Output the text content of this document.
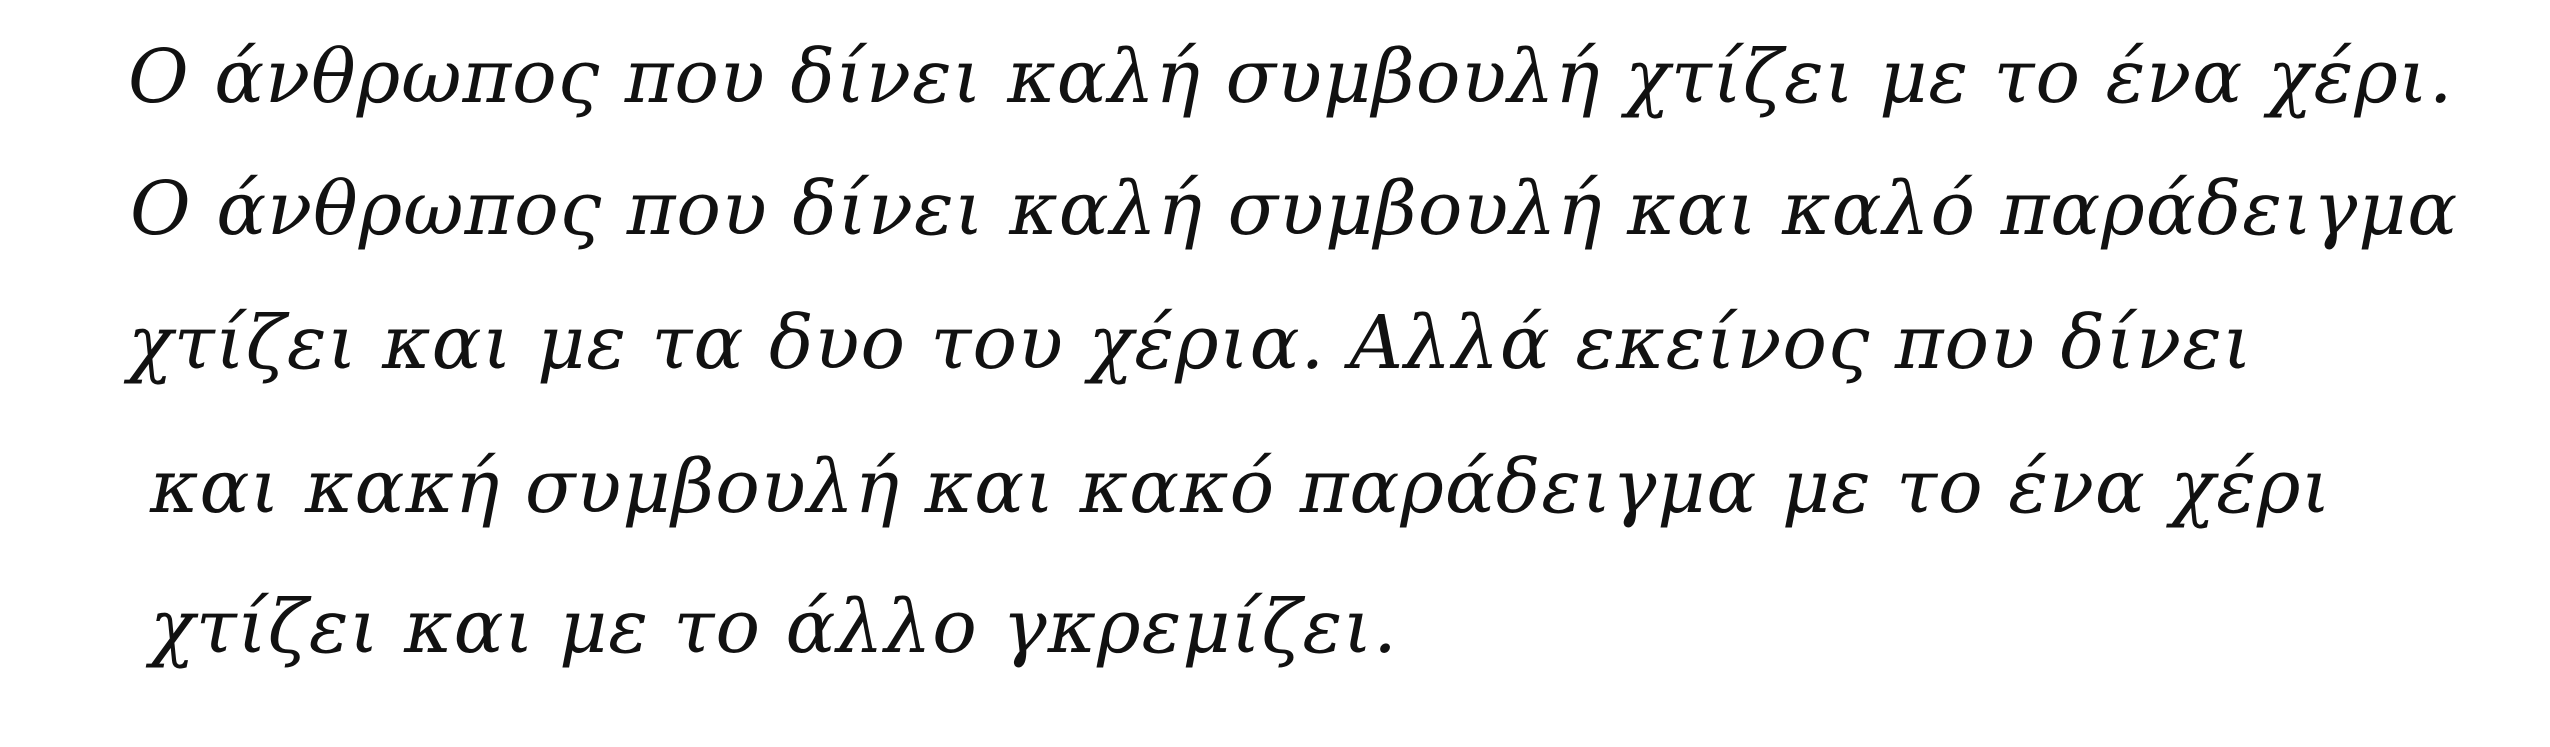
Ο άνθρωπος που δίνει καλή συμβουλή χτίζει με το ένα χέρι.
Ο άνθρωπος που δίνει καλή συμβουλή και καλό παράδειγμα
χτίζει και με τα δυο του χέρια. Αλλά εκείνος που δίνει
και κακή συμβουλή και κακό παράδειγμα με το ένα χέρι
χτίζει και με το άλλο γκρεμίζει.
